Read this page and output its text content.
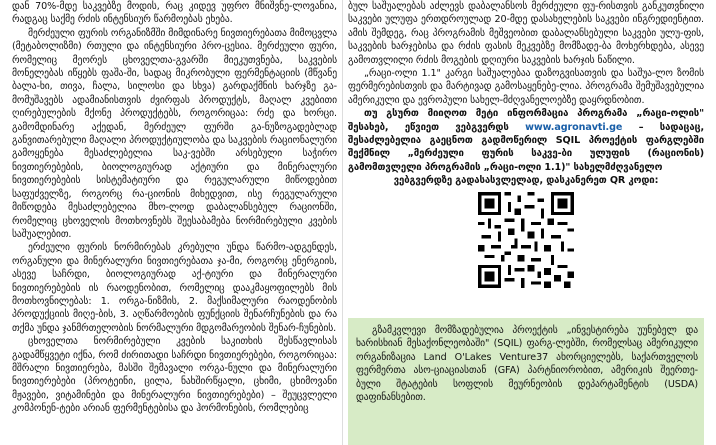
დან 70%-მდე საკვებზე მოდის, რაც კიდევ უფრო მნიშვნე-ლოვანია, რადგაც საქმე რძის ინტენსიურ წარმოებას ეხება.

მერძეული ფურის ორგანიზმში მიმდინარე ნივთიერებათა მიმოცვლა (მეტაბოლიზმი) რთული და ინტენსიური პრო-ცესია. მერძეული ფური, რომელიც მეორეს ცხოველთა-გვარში მიეკუთვნება, საკვების მონელებას იწყებს ფაშა-ში, სადაც მიკრობული ფერმენტაციის (მწვანე ბალა-ხი, თივა, ჩალა, სილოსი და სხვა) გარდაქმნის ხარჯზე გა-მომუშავებს ადამიანისთვის ძვირფას პროდუქტს, მაღალ კვებითი ღირებულების მქონე პროდუქტებს, როგორიცაა: რძე და ხორცი. გამომდინარე აქედან, მერძეულ ფურში გა-ნუზოგადებლად განვითარებული მაღალი პროდუქტიულობა და საკვების რაციონალური გამოყენება მესაძლებელია საკ-ვებში არსებული საჭირო ნივთიერებების, ბიოლოგიურად აქტიური და მინერალური ნივთიერებების სისტემატიური და რეგულარული მიწოდებით საფუძველზე, როგორც რა-ციონის მიხედვით, ისე რეგულარული მიწოდება მესაძლებელია მხო-ლოდ დაბალანსებულ რაციონში, რომელიც ცხოველის მოთხოვნებს შეესაბამება ნორმირებული კვების საშუალებით.

ერძეული ფურის ნორმირებას კრებული უნდა წარმო-ადგენდეს, ორგანული და მინერალური ნივთიერებათა ჯა-მი, როგორც ენერგიის, ასევე საჩრდი, ბიოლოგიურად აქ-ტიური და მინერალური ნივთიერებების ის რაოდენობით, რომელიც დააკმაყოფილებს მის მოთხოვნილებას: 1. ორგა-ნიზმის, 2. მაქსიმალური რაოდენობის პროდუქციის მიღე-ბის, 3. აღწარმოების ფუნქციის შენარჩუნების და რა თქმა უნდა ჯანმრთელობის ნორმალური მდგომარეობის შენარ-ჩუნების.

ცხოველთა ნორმირებული კვების საკითხის შესწავლისას გადამწყვეტი იქნა, რომ ძირითადი საჩრდი ნივთიერებები, როგორიცაა: მშრალი ნივთიერება, მასში შემავალი ორგა-ნული და მინერალური ნივთიერებები (პროტეინი, ცილა, ნახშირწყალი, ცხიმი, ცხიმოვანი მჟავები, ვიტამინები და მინერალური ნივთიერებები) – შეუცვლელი კომპონენ-ტები არიან ფერმენტებისა და ჰორმონების, რომლებიც

ბულ საშუალებას აძლევს დაბალანსოს მერძეული ფუ-რისთვის განკუთვნილი საკვები ულუფა ერთდროულად 20-მდე დასახელების საკვები ინგრედიენტით. ამის შემდეგ, რაც პროგრამის მეშვეობით დაბალანსებული საკვები ულუ-ფის, საკვების ხარჯებისა და რძის ფასის მეკვებზე მომზადე-ბა მოხერხდება, ასევე გამოთვლილი რძის მოგების დღიური საკვების ხარჯის ნაწილი.

„რაცი-ოლი 1.1" კარგი საშუალებაა დაზოგვისათვის და საშუა-ლო ზომის ფერმერებისთვის და მარტივად გამოსაყენებე-ლია. პროგრამა შემუშავებულია ამერიკული და ევროპული სახელ-მძღვანელოებზე დაყრდნობით.

თუ გსურთ მიიღოთ მეტი ინფორმაცია პროგრამა „რაცი-ოლის" შესახებ, ეწვიეთ ვებგვერდს www.agronavti.ge – სადაცაც, შესაძლებელია გაეცნოთ გადმოწერილ SQIL პროექტის ფარგლებში შექმნილ „მერძეული ფურის საკვე-ბი ულუფის (რაციონის) გამომთვლელი პროგრამის „რაცი-ოლი 1.1)" სახელმძღვანელო

ვებგვერდზე გადასასვლელად, დასკანერეთ QR კოდი:

გზამკვლევი მომზადებულია პროექტის „ინვესტირება უუნებელ და ხარისხიან მესაქონლეობაში" (SQIL) ფარგ-ლებში, რომელსაც ამერიკული ორგანიზაცია Land O'Lakes Venture37 ახორციელებს, საქართველოს ფერმერთა ასო-ციაციასთან (GFA) პარტნიორობით, ამერიკის შეერთე-ბული შტატების სოფლის მეურნეობის დეპარტამენტის (USDA) დაფინანსებით.
